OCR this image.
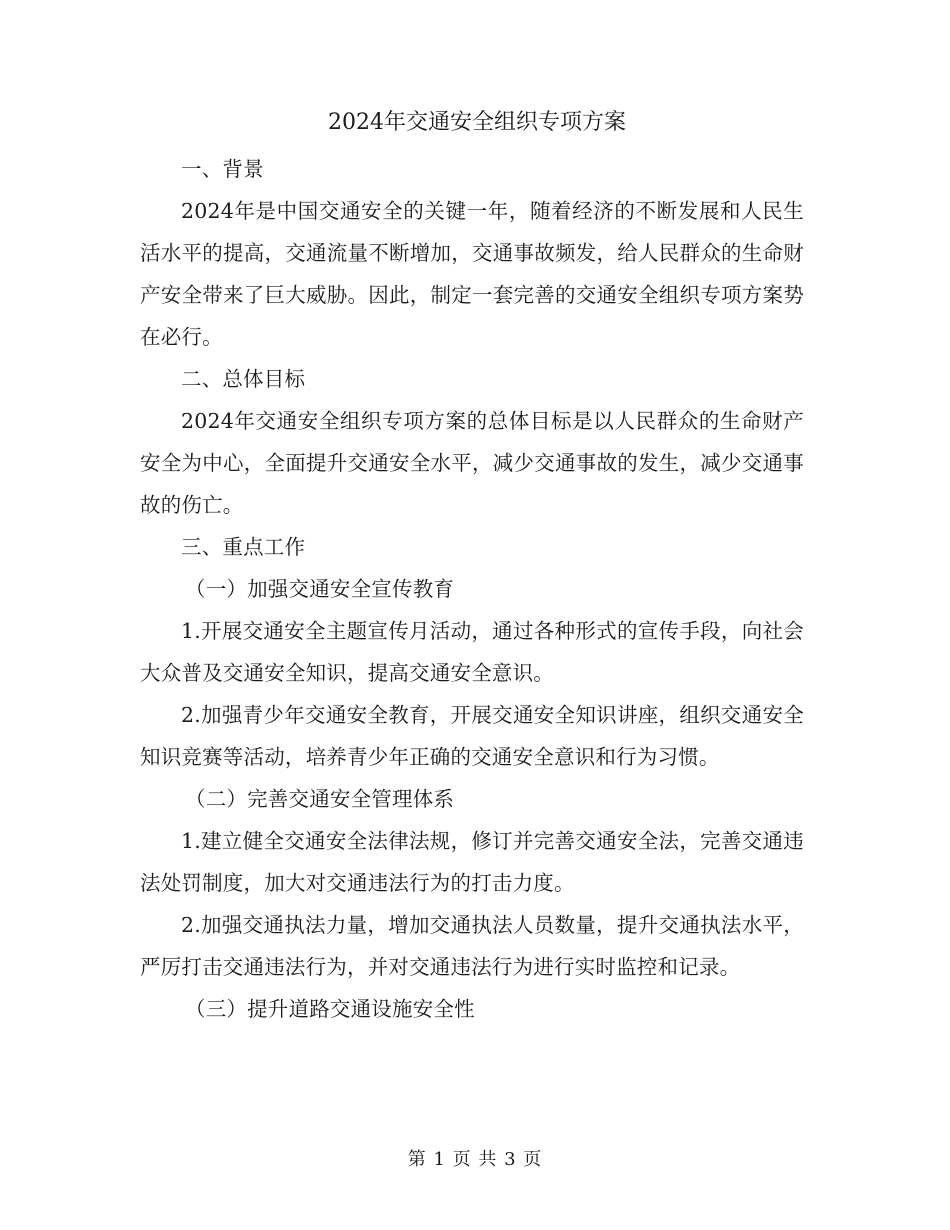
2024年交通安全组织专项方案

一、背景

2024年是中国交通安全的关键一年，随着经济的不断发展和人民生活水平的提高，交通流量不断增加，交通事故频发，给人民群众的生命财产安全带来了巨大威胁。因此，制定一套完善的交通安全组织专项方案势在必行。

二、总体目标

2024年交通安全组织专项方案的总体目标是以人民群众的生命财产安全为中心，全面提升交通安全水平，减少交通事故的发生，减少交通事故的伤亡。

三、重点工作

（一）加强交通安全宣传教育

1.开展交通安全主题宣传月活动，通过各种形式的宣传手段，向社会大众普及交通安全知识，提高交通安全意识。

2.加强青少年交通安全教育，开展交通安全知识讲座，组织交通安全知识竞赛等活动，培养青少年正确的交通安全意识和行为习惯。

（二）完善交通安全管理体系

1.建立健全交通安全法律法规，修订并完善交通安全法，完善交通违法处罚制度，加大对交通违法行为的打击力度。

2.加强交通执法力量，增加交通执法人员数量，提升交通执法水平，严厉打击交通违法行为，并对交通违法行为进行实时监控和记录。

（三）提升道路交通设施安全性

第 1 页 共 3 页
